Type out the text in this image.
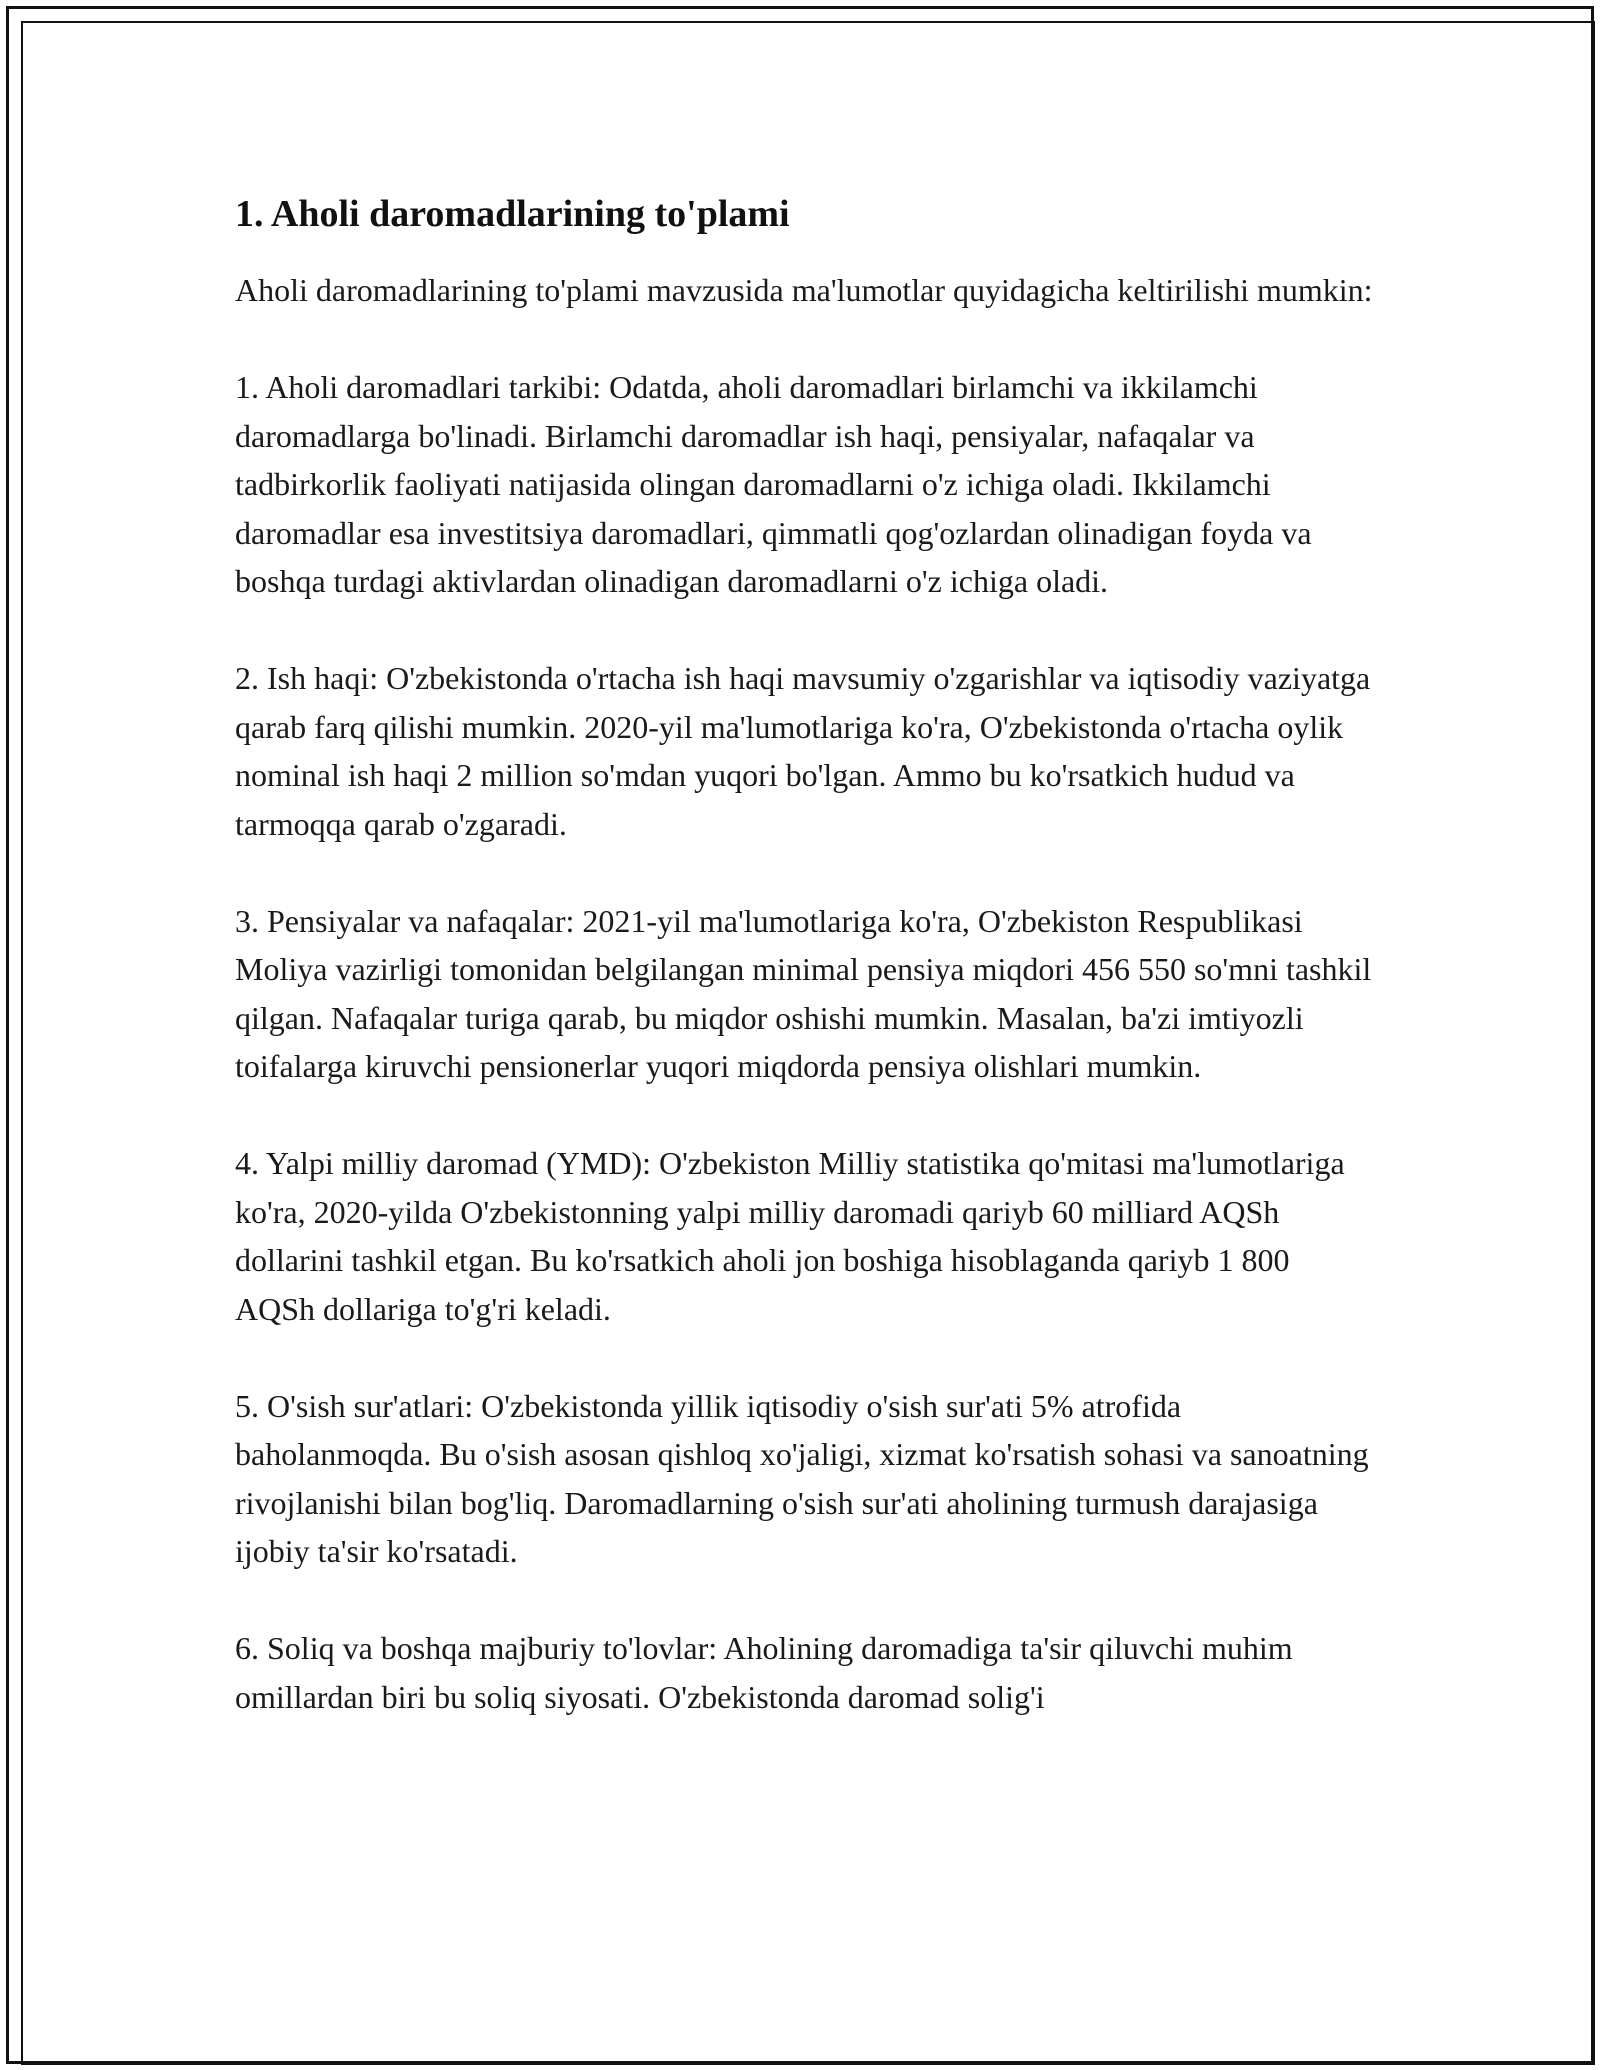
1. Aholi daromadlarining to'plami

Aholi daromadlarining to'plami mavzusida ma'lumotlar quyidagicha keltirilishi mumkin:

1. Aholi daromadlari tarkibi: Odatda, aholi daromadlari birlamchi va ikkilamchi daromadlarga bo'linadi. Birlamchi daromadlar ish haqi, pensiyalar, nafaqalar va tadbirkorlik faoliyati natijasida olingan daromadlarni o'z ichiga oladi. Ikkilamchi daromadlar esa investitsiya daromadlari, qimmatli qog'ozlardan olinadigan foyda va boshqa turdagi aktivlardan olinadigan daromadlarni o'z ichiga oladi.

2. Ish haqi: O'zbekistonda o'rtacha ish haqi mavsumiy o'zgarishlar va iqtisodiy vaziyatga qarab farq qilishi mumkin. 2020-yil ma'lumotlariga ko'ra, O'zbekistonda o'rtacha oylik nominal ish haqi 2 million so'mdan yuqori bo'lgan. Ammo bu ko'rsatkich hudud va tarmoqqa qarab o'zgaradi.

3. Pensiyalar va nafaqalar: 2021-yil ma'lumotlariga ko'ra, O'zbekiston Respublikasi Moliya vazirligi tomonidan belgilangan minimal pensiya miqdori 456 550 so'mni tashkil qilgan. Nafaqalar turiga qarab, bu miqdor oshishi mumkin. Masalan, ba'zi imtiyozli toifalarga kiruvchi pensionerlar yuqori miqdorda pensiya olishlari mumkin.

4. Yalpi milliy daromad (YMD): O'zbekiston Milliy statistika qo'mitasi ma'lumotlariga ko'ra, 2020-yilda O'zbekistonning yalpi milliy daromadi qariyb 60 milliard AQSh dollarini tashkil etgan. Bu ko'rsatkich aholi jon boshiga hisoblaganda qariyb 1 800 AQSh dollariga to'g'ri keladi.

5. O'sish sur'atlari: O'zbekistonda yillik iqtisodiy o'sish sur'ati 5% atrofida baholanmoqda. Bu o'sish asosan qishloq xo'jaligi, xizmat ko'rsatish sohasi va sanoatning rivojlanishi bilan bog'liq. Daromadlarning o'sish sur'ati aholining turmush darajasiga ijobiy ta'sir ko'rsatadi.

6. Soliq va boshqa majburiy to'lovlar: Aholining daromadiga ta'sir qiluvchi muhim omillardan biri bu soliq siyosati. O'zbekistonda daromad solig'i
